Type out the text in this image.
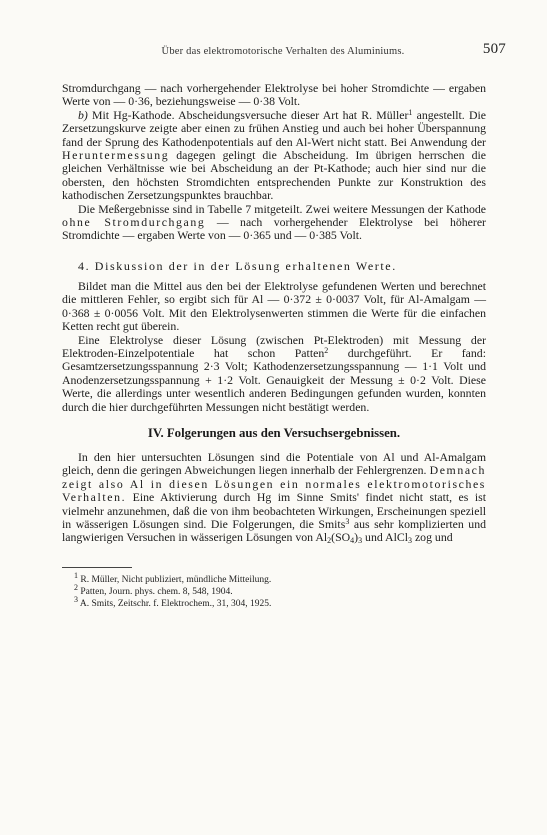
Über das elektromotorische Verhalten des Aluminiums.	507

Stromdurchgang — nach vorhergehender Elektrolyse bei hoher Stromdichte — ergaben Werte von — 0·36, beziehungsweise — 0·38 Volt.

b) Mit Hg-Kathode. Abscheidungsversuche dieser Art hat R. Müller$^1$ angestellt. Die Zersetzungskurve zeigte aber einen zu frühen Anstieg und auch bei hoher Überspannung fand der Sprung des Kathodenpotentials auf den Al-Wert nicht statt. Bei Anwendung der Heruntermessung dagegen gelingt die Abscheidung. Im übrigen herrschen die gleichen Verhältnisse wie bei Abscheidung an der Pt-Kathode; auch hier sind nur die obersten, den höchsten Stromdichten entsprechenden Punkte zur Konstruktion des kathodischen Zersetzungspunktes brauchbar.

Die Meßergebnisse sind in Tabelle 7 mitgeteilt. Zwei weitere Messungen der Kathode ohne Stromdurchgang — nach vorhergehender Elektrolyse bei höherer Stromdichte — ergaben Werte von — 0·365 und — 0·385 Volt.

4. Diskussion der in der Lösung erhaltenen Werte.

Bildet man die Mittel aus den bei der Elektrolyse gefundenen Werten und berechnet die mittleren Fehler, so ergibt sich für Al — 0·372 ± 0·0037 Volt, für Al-Amalgam — 0·368 ± 0·0056 Volt. Mit den Elektrolysenwerten stimmen die Werte für die einfachen Ketten recht gut überein.

Eine Elektrolyse dieser Lösung (zwischen Pt-Elektroden) mit Messung der Elektroden-Einzelpotentiale hat schon Patten$^2$ durchgeführt. Er fand: Gesamtzersetzungsspannung 2·3 Volt; Kathodenzersetzungsspannung — 1·1 Volt und Anodenzersetzungsspannung + 1·2 Volt. Genauigkeit der Messung ± 0·2 Volt. Diese Werte, die allerdings unter wesentlich anderen Bedingungen gefunden wurden, konnten durch die hier durchgeführten Messungen nicht bestätigt werden.

IV. Folgerungen aus den Versuchsergebnissen.

In den hier untersuchten Lösungen sind die Potentiale von Al und Al-Amalgam gleich, denn die geringen Abweichungen liegen innerhalb der Fehlergrenzen. Demnach zeigt also Al in diesen Lösungen ein normales elektromotorisches Verhalten. Eine Aktivierung durch Hg im Sinne Smits' findet nicht statt, es ist vielmehr anzunehmen, daß die von ihm beobachteten Wirkungen, Erscheinungen speziell in wässerigen Lösungen sind. Die Folgerungen, die Smits$^3$ aus sehr komplizierten und langwierigen Versuchen in wässerigen Lösungen von $Al_2(SO_4)_3$ und AlCl$_3$ zog und

$^1$ R. Müller, Nicht publiziert, mündliche Mitteilung.
$^2$ Patten, Journ. phys. chem. 8, 548, 1904.
$^3$ A. Smits, Zeitschr. f. Elektrochem., 31, 304, 1925.
